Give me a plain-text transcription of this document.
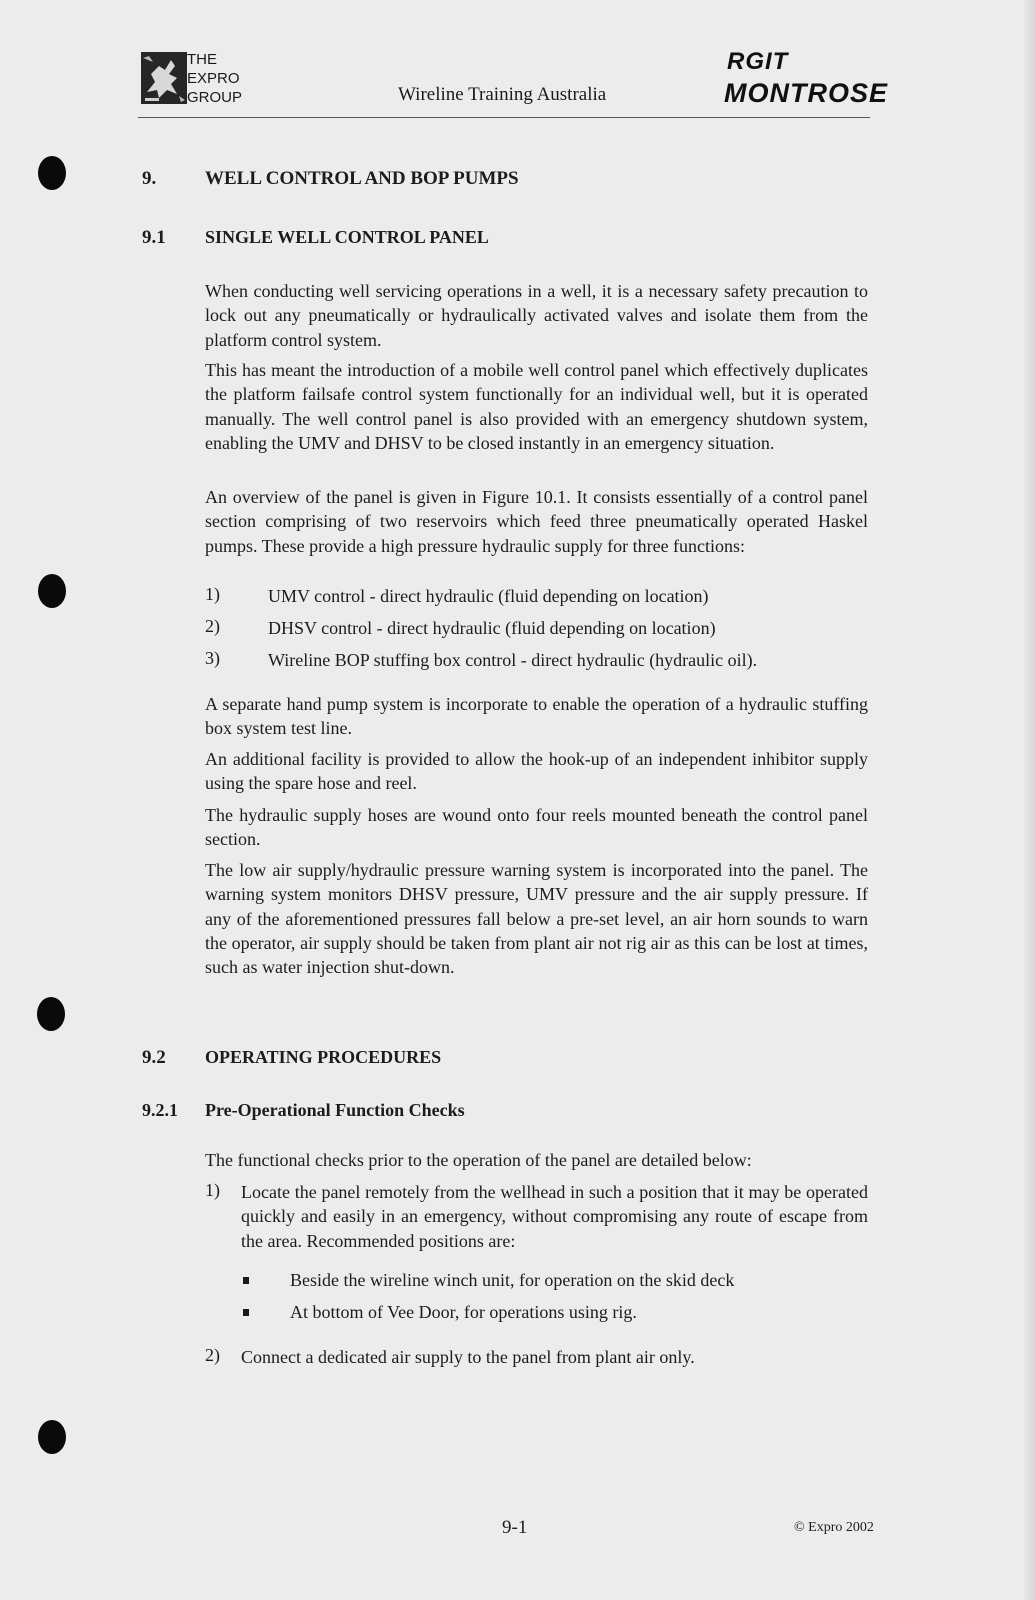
THE
EXPRO
GROUP	Wireline Training Australia
RGIT
MONTROSE
9.	WELL CONTROL AND BOP PUMPS
9.1 SINGLE WELL CONTROL PANEL

When conducting well servicing operations in a well, it is a necessary safety precaution to lock out any pneumatically or hydraulically activated valves and isolate them from the platform control system.

This has meant the introduction of a mobile well control panel which effectively duplicates the platform failsafe control system functionally for an individual well, but it is operated manually. The well control panel is also provided with an emergency shutdown system, enabling the UMV and DHSV to be closed instantly in an emergency situation.

An overview of the panel is given in Figure 10.1. It consists essentially of a control panel section comprising of two reservoirs which feed three pneumatically operated Haskel pumps. These provide a high pressure hydraulic supply for three functions:

1)	UMV control - direct hydraulic (fluid depending on location)
2)	DHSV control - direct hydraulic (fluid depending on location)
3)	Wireline BOP stuffing box control - direct hydraulic (hydraulic oil).

A separate hand pump system is incorporate to enable the operation of a hydraulic stuffing box system test line.

An additional facility is provided to allow the hook-up of an independent inhibitor supply using the spare hose and reel.

The hydraulic supply hoses are wound onto four reels mounted beneath the control panel section.

The low air supply/hydraulic pressure warning system is incorporated into the panel. The warning system monitors DHSV pressure, UMV pressure and the air supply pressure. If any of the aforementioned pressures fall below a pre-set level, an air horn sounds to warn the operator, air supply should be taken from plant air not rig air as this can be lost at times, such as water injection shut-down.

9.2 OPERATING PROCEDURES
9.2.1 Pre-Operational Function Checks

The functional checks prior to the operation of the panel are detailed below:

1) Locate the panel remotely from the wellhead in such a position that it may be operated quickly and easily in an emergency, without compromising any route of escape from the area. Recommended positions are:

Beside the wireline winch unit, for operation on the skid deck
At bottom of Vee Door, for operations using rig.
2) Connect a dedicated air supply to the panel from plant air only.
9-1	© Expro 2002
